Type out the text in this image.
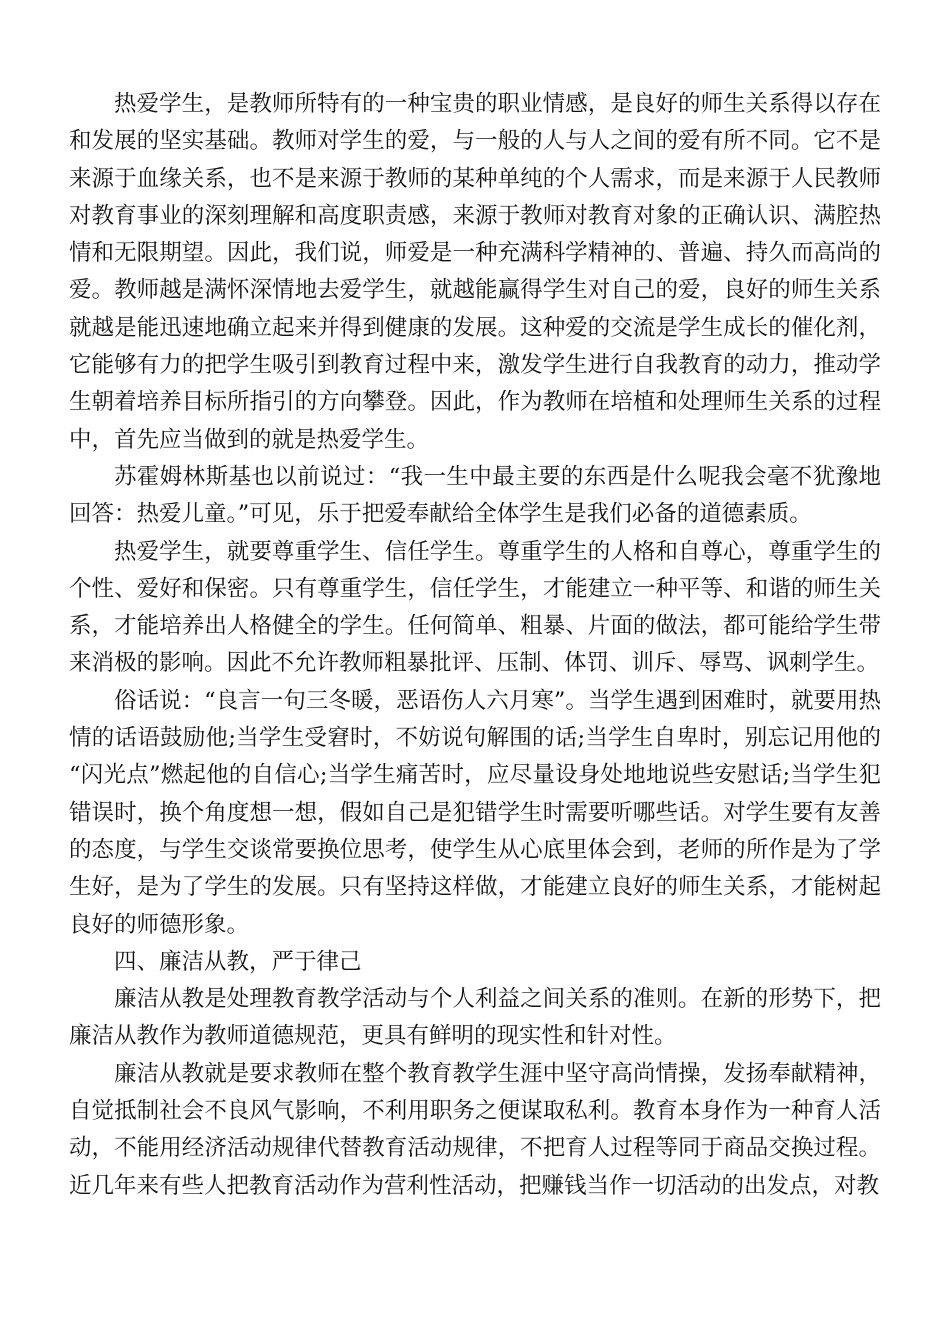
热爱学生，是教师所特有的一种宝贵的职业情感，是良好的师生关系得以存在和发展的坚实基础。教师对学生的爱，与一般的人与人之间的爱有所不同。它不是来源于血缘关系，也不是来源于教师的某种单纯的个人需求，而是来源于人民教师对教育事业的深刻理解和高度职责感，来源于教师对教育对象的正确认识、满腔热情和无限期望。因此，我们说，师爱是一种充满科学精神的、普遍、持久而高尚的爱。教师越是满怀深情地去爱学生，就越能赢得学生对自己的爱，良好的师生关系就越是能迅速地确立起来并得到健康的发展。这种爱的交流是学生成长的催化剂，它能够有力的把学生吸引到教育过程中来，激发学生进行自我教育的动力，推动学生朝着培养目标所指引的方向攀登。因此，作为教师在培植和处理师生关系的过程中，首先应当做到的就是热爱学生。

苏霍姆林斯基也以前说过：“我一生中最主要的东西是什么呢我会毫不犹豫地回答：热爱儿童。”可见，乐于把爱奉献给全体学生是我们必备的道德素质。

热爱学生，就要尊重学生、信任学生。尊重学生的人格和自尊心，尊重学生的个性、爱好和保密。只有尊重学生，信任学生，才能建立一种平等、和谐的师生关系，才能培养出人格健全的学生。任何简单、粗暴、片面的做法，都可能给学生带来消极的影响。因此不允许教师粗暴批评、压制、体罚、训斥、辱骂、讽刺学生。

俗话说：“良言一句三冬暖，恶语伤人六月寒”。当学生遇到困难时，就要用热情的话语鼓励他;当学生受窘时，不妨说句解围的话;当学生自卑时，别忘记用他的“闪光点”燃起他的自信心;当学生痛苦时，应尽量设身处地地说些安慰话;当学生犯错误时，换个角度想一想，假如自己是犯错学生时需要听哪些话。对学生要有友善的态度，与学生交谈常要换位思考，使学生从心底里体会到，老师的所作是为了学生好，是为了学生的发展。只有坚持这样做，才能建立良好的师生关系，才能树起良好的师德形象。

四、廉洁从教，严于律己

廉洁从教是处理教育教学活动与个人利益之间关系的准则。在新的形势下，把廉洁从教作为教师道德规范，更具有鲜明的现实性和针对性。

廉洁从教就是要求教师在整个教育教学生涯中坚守高尚情操，发扬奉献精神，自觉抵制社会不良风气影响，不利用职务之便谋取私利。教育本身作为一种育人活动，不能用经济活动规律代替教育活动规律，不把育人过程等同于商品交换过程。近几年来有些人把教育活动作为营利性活动，把赚钱当作一切活动的出发点，对教
